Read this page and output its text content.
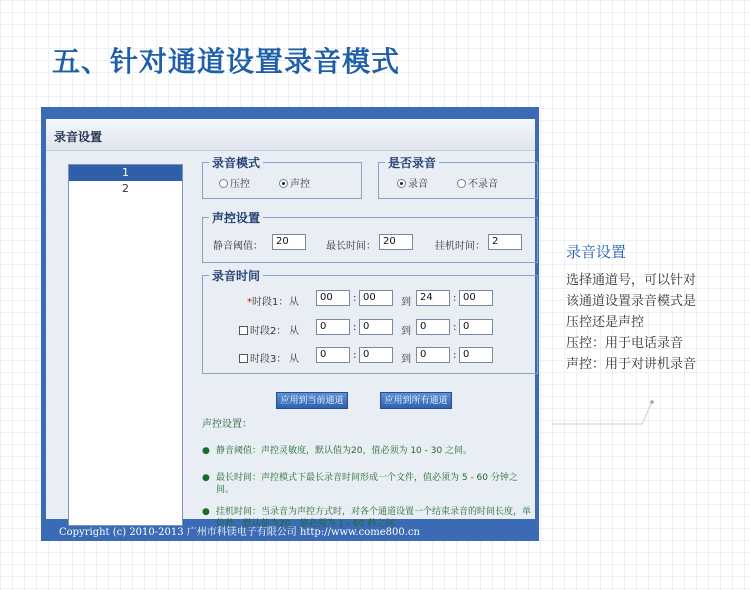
五、针对通道设置录音模式
录音设置
1
2
录音模式
压控	声控
是否录音
录音	不录音
声控设置
静音阈值：	20	最长时间： 20	挂机时间： 2
录音时间
*时段1： 从	00	: 00	到 24	: 00
时段2： 从	0	: 0	到 0	: 0
时段3： 从	0	: 0	到 0	: 0
应用到当前通道	应用到所有通道
声控设置：
● 静音阈值：声控灵敏度，默认值为20，值必须为 10 - 30 之间。
● 最长时间：声控模式下最长录音时间形成一个文件，值必须为 5 - 60 分钟之
间。
● 挂机时间：当录音为声控方式时，对各个通道设置一个结束录音的时间长度，单
位秒，默认值为20，值必须为 1 - 60 秒之间。
Copyright (c) 2010-2013 广州市科镁电子有限公司 http://www.come800.cn
录音设置
选择通道号，可以针对
该通道设置录音模式是
压控还是声控
压控：用于电话录音
声控：用于对讲机录音
